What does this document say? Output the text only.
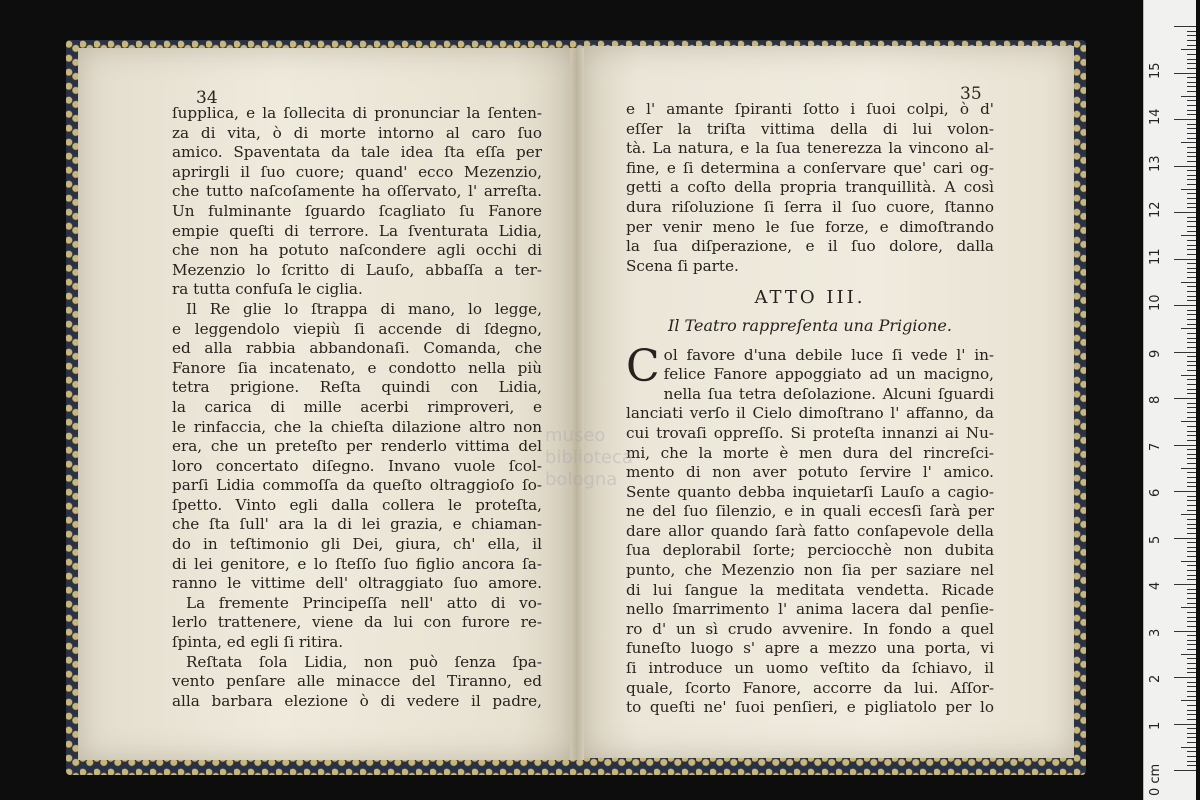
34	35
ſupplica, e la ſollecita di pronunciar la ſenten-
za di vita, ò di morte intorno al caro ſuo
amico. Spaventata da tale idea ſta eſſa per
aprirgli il ſuo cuore; quand' ecco Mezenzio,
che tutto naſcoſamente ha oſſervato, l' arreſta.
Un fulminante ſguardo ſcagliato ſu Fanore
empie queſti di terrore. La ſventurata Lidia,
che non ha potuto naſcondere agli occhi di
Mezenzio lo ſcritto di Lauſo, abbaſſa a ter-
ra tutta confuſa le ciglia.
Il Re glie lo ſtrappa di mano, lo legge,
e leggendolo viepiù ſi accende di ſdegno,
ed alla rabbia abbandonaſi. Comanda, che
Fanore ſia incatenato, e condotto nella più
tetra prigione. Reſta quindi con Lidia,
la carica di mille acerbi rimproveri, e
le rinfaccia, che la chieſta dilazione altro non
era, che un preteſto per renderlo vittima del
loro concertato diſegno. Invano vuole ſcol-
parſi Lidia commoſſa da queſto oltraggioſo ſo-
ſpetto. Vinto egli dalla collera le proteſta,
che ſta ſull' ara la di lei grazia, e chiaman-
do in teſtimonio gli Dei, giura, ch' ella, il
di lei genitore, e lo ſteſſo ſuo figlio ancora ſa-
ranno le vittime dell' oltraggiato ſuo amore.
La fremente Principeſſa nell' atto di vo-
lerlo trattenere, viene da lui con furore re-
ſpinta, ed egli ſi ritira.
Reſtata ſola Lidia, non può ſenza ſpa-
vento penſare alle minacce del Tiranno, ed
alla barbara elezione ò di vedere il padre,
e l' amante ſpiranti ſotto i ſuoi colpi, ò d'
eſſer la triſta vittima della di lui volon-
tà. La natura, e la ſua tenerezza la vincono al-
fine, e ſi determina a conſervare que' cari og-
getti a coſto della propria tranquillità. A così
dura riſoluzione ſi ſerra il ſuo cuore, ſtanno
per venir meno le ſue forze, e dimoſtrando
la ſua diſperazione, e il ſuo dolore, dalla
Scena ſi parte.
ATTO III.
Il Teatro rappreſenta una Prigione.
C ol favore d'una debile luce ſi vede l' in-
felice Fanore appoggiato ad un macigno,
nella ſua tetra deſolazione. Alcuni ſguardi
lanciati verſo il Cielo dimoſtrano l' affanno, da
cui trovaſi oppreſſo. Si proteſta innanzi ai Nu-
mi, che la morte è men dura del rincreſci-
mento di non aver potuto ſervire l' amico.
Sente quanto debba inquietarſi Lauſo a cagio-
ne del ſuo ſilenzio, e in quali eccesſi ſarà per
dare allor quando ſarà fatto conſapevole della
ſua deplorabil ſorte; perciocchè non dubita
punto, che Mezenzio non ſia per saziare nel
di lui ſangue la meditata vendetta. Ricade
nello ſmarrimento l' anima lacera dal penſie-
ro d' un sì crudo avvenire. In fondo a quel
funeſto luogo s' apre a mezzo una porta, vi
ſi introduce un uomo veſtito da ſchiavo, il
quale, ſcorto Fanore, accorre da lui. Aſſor-
to queſti ne' ſuoi penſieri, e pigliatolo per lo
museo
biblioteca
bologna
0 cm
1
2
3
4
5
6
7
8
9
10
11
12
13
14
15
